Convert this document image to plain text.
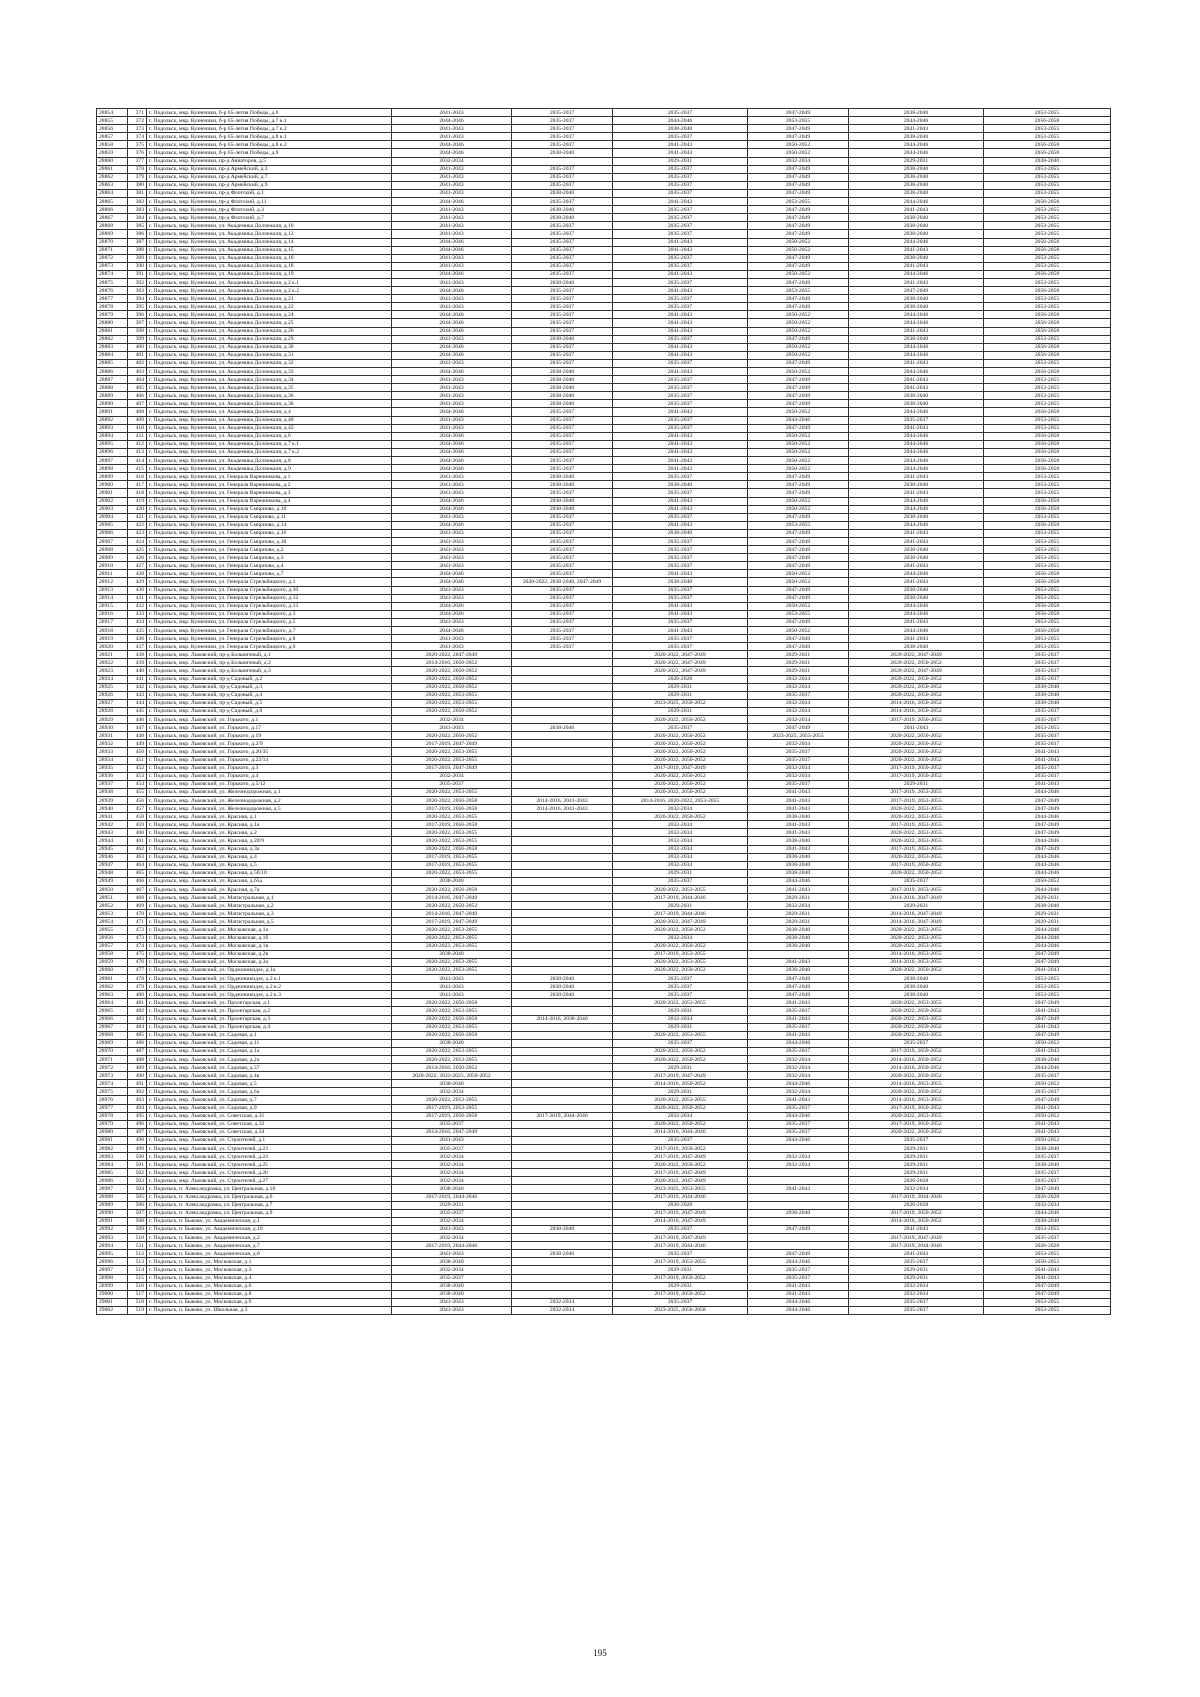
28854	371	г. Подольск, мкр. Кузнечики, б-р 65-летия Победы, д.6	2041-2043	2035-2037	2035-2037	2047-2049	2038-2040	2053-2055
28855	372	г. Подольск, мкр. Кузнечики, б-р 65-летия Победы, д.7 к.1	2044-2046	2035-2037	2044-2046	2053-2055	2044-2046	2056-2058
28856	373	г. Подольск, мкр. Кузнечики, б-р 65-летия Победы, д.7 к.2	2041-2043	2035-2037	2038-2040	2047-2049	2041-2043	2053-2055
28857	374	г. Подольск, мкр. Кузнечики, б-р 65-летия Победы, д.8 к.1	2041-2043	2035-2037	2035-2037	2047-2049	2038-2040	2053-2055
28858	375	г. Подольск, мкр. Кузнечики, б-р 65-летия Победы, д.8 к.2	2044-2046	2035-2037	2041-2043	2050-2052	2044-2046	2056-2058
28859	376	г. Подольск, мкр. Кузнечики, б-р 65-летия Победы, д.9	2044-2046	2038-2040	2041-2043	2050-2052	2044-2046	2056-2058
28860	377	г. Подольск, мкр. Кузнечики, пр-д Авиаторов, д.5	2032-2034		2029-2031	2032-2034	2029-2031	2038-2040
28861	378	г. Подольск, мкр. Кузнечики, пр-д Армейский, д.3	2041-2043	2035-2037	2035-2037	2047-2049	2038-2040	2053-2055
28862	379	г. Подольск, мкр. Кузнечики, пр-д Армейский, д.7	2041-2043	2035-2037	2035-2037	2047-2049	2038-2040	2053-2055
28863	380	г. Подольск, мкр. Кузнечики, пр-д Армейский, д.9	2041-2043	2035-2037	2035-2037	2047-2049	2038-2040	2053-2055
28864	381	г. Подольск, мкр. Кузнечики, пр-д Флотский, д.1	2041-2043	2038-2040	2035-2037	2047-2049	2038-2040	2053-2055
28865	382	г. Подольск, мкр. Кузнечики, пр-д Флотский, д.11	2044-2046	2035-2037	2041-2043	2053-2055	2044-2046	2056-2058
28866	383	г. Подольск, мкр. Кузнечики, пр-д Флотский, д.3	2041-2043	2038-2040	2035-2037	2047-2049	2041-2043	2053-2055
28867	384	г. Подольск, мкр. Кузнечики, пр-д Флотский, д.7	2041-2043	2038-2040	2035-2037	2047-2049	2038-2040	2053-2055
28868	385	г. Подольск, мкр. Кузнечики, ул. Академика Доллежаля, д.10	2041-2043	2035-2037	2035-2037	2047-2049	2038-2040	2053-2055
28869	386	г. Подольск, мкр. Кузнечики, ул. Академика Доллежаля, д.12	2041-2043	2035-2037	2035-2037	2047-2049	2038-2040	2053-2055
28870	387	г. Подольск, мкр. Кузнечики, ул. Академика Доллежаля, д.14	2044-2046	2035-2037	2041-2043	2050-2052	2044-2046	2056-2058
28871	388	г. Подольск, мкр. Кузнечики, ул. Академика Доллежаля, д.15	2044-2046	2035-2037	2041-2043	2050-2052	2041-2043	2056-2058
28872	389	г. Подольск, мкр. Кузнечики, ул. Академика Доллежаля, д.16	2041-2043	2035-2037	2035-2037	2047-2049	2038-2040	2053-2055
28873	390	г. Подольск, мкр. Кузнечики, ул. Академика Доллежаля, д.18	2041-2043	2035-2037	2035-2037	2047-2049	2041-2043	2053-2055
28874	391	г. Подольск, мкр. Кузнечики, ул. Академика Доллежаля, д.19	2044-2046	2035-2037	2041-2043	2050-2052	2044-2046	2056-2058
28875	392	г. Подольск, мкр. Кузнечики, ул. Академика Доллежаля, д.2 к.1	2041-2043	2038-2040	2035-2037	2047-2049	2041-2043	2053-2055
28876	393	г. Подольск, мкр. Кузнечики, ул. Академика Доллежаля, д.2 к.2	2044-2046	2035-2037	2041-2043	2053-2055	2047-2049	2056-2058
28877	394	г. Подольск, мкр. Кузнечики, ул. Академика Доллежаля, д.21	2041-2043	2035-2037	2035-2037	2047-2049	2038-2040	2053-2055
28878	395	г. Подольск, мкр. Кузнечики, ул. Академика Доллежаля, д.22	2041-2043	2035-2037	2035-2037	2047-2049	2038-2040	2053-2055
28879	396	г. Подольск, мкр. Кузнечики, ул. Академика Доллежаля, д.24	2044-2046	2035-2037	2041-2043	2050-2052	2044-2046	2056-2058
28880	397	г. Подольск, мкр. Кузнечики, ул. Академика Доллежаля, д.25	2044-2046	2035-2037	2041-2043	2050-2052	2044-2046	2056-2058
28881	398	г. Подольск, мкр. Кузнечики, ул. Академика Доллежаля, д.26	2044-2046	2035-2037	2041-2043	2050-2052	2041-2043	2056-2058
28882	399	г. Подольск, мкр. Кузнечики, ул. Академика Доллежаля, д.29	2041-2043	2038-2040	2035-2037	2047-2049	2038-2040	2053-2055
28883	400	г. Подольск, мкр. Кузнечики, ул. Академика Доллежаля, д.30	2044-2046	2035-2037	2041-2043	2050-2052	2044-2046	2056-2058
28884	401	г. Подольск, мкр. Кузнечики, ул. Академика Доллежаля, д.31	2044-2046	2035-2037	2041-2043	2050-2052	2044-2046	2056-2058
28885	402	г. Подольск, мкр. Кузнечики, ул. Академика Доллежаля, д.32	2041-2043	2035-2037	2035-2037	2047-2049	2041-2043	2053-2055
28886	403	г. Подольск, мкр. Кузнечики, ул. Академика Доллежаля, д.33	2044-2046	2038-2040	2041-2043	2050-2052	2044-2046	2056-2058
28887	404	г. Подольск, мкр. Кузнечики, ул. Академика Доллежаля, д.34	2041-2043	2038-2040	2035-2037	2047-2049	2041-2043	2053-2055
28888	405	г. Подольск, мкр. Кузнечики, ул. Академика Доллежаля, д.35	2041-2043	2038-2040	2035-2037	2047-2049	2041-2043	2053-2055
28889	406	г. Подольск, мкр. Кузнечики, ул. Академика Доллежаля, д.36	2041-2043	2038-2040	2035-2037	2047-2049	2038-2040	2053-2055
28890	407	г. Подольск, мкр. Кузнечики, ул. Академика Доллежаля, д.38	2041-2043	2038-2040	2035-2037	2047-2049	2038-2040	2053-2055
28891	408	г. Подольск, мкр. Кузнечики, ул. Академика Доллежаля, д.4	2044-2046	2035-2037	2041-2043	2050-2052	2044-2046	2056-2058
28892	409	г. Подольск, мкр. Кузнечики, ул. Академика Доллежаля, д.40	2041-2043	2035-2037	2035-2037	2044-2046	2035-2037	2053-2055
28893	410	г. Подольск, мкр. Кузнечики, ул. Академика Доллежаля, д.42	2041-2043	2035-2037	2035-2037	2047-2049	2041-2043	2053-2055
28894	411	г. Подольск, мкр. Кузнечики, ул. Академика Доллежаля, д.6	2044-2046	2035-2037	2041-2043	2050-2052	2044-2046	2056-2058
28895	412	г. Подольск, мкр. Кузнечики, ул. Академика Доллежаля, д.7 к.1	2044-2046	2035-2037	2041-2043	2050-2052	2044-2046	2056-2058
28896	413	г. Подольск, мкр. Кузнечики, ул. Академика Доллежаля, д.7 к.2	2044-2046	2035-2037	2041-2043	2050-2052	2044-2046	2056-2058
28897	414	г. Подольск, мкр. Кузнечики, ул. Академика Доллежаля, д.8	2044-2046	2035-2037	2041-2043	2050-2052	2044-2046	2056-2058
28898	415	г. Подольск, мкр. Кузнечики, ул. Академика Доллежаля, д.9	2044-2046	2035-2037	2041-2043	2050-2052	2044-2046	2056-2058
28899	416	г. Подольск, мкр. Кузнечики, ул. Генерала Варенникова, д.1	2041-2043	2038-2040	2035-2037	2047-2049	2041-2043	2053-2055
28900	417	г. Подольск, мкр. Кузнечики, ул. Генерала Варенникова, д.2	2041-2043	2038-2040	2038-2040	2047-2049	2038-2040	2053-2055
28901	418	г. Подольск, мкр. Кузнечики, ул. Генерала Варенникова, д.3	2041-2043	2035-2037	2035-2037	2047-2049	2041-2043	2053-2055
28902	419	г. Подольск, мкр. Кузнечики, ул. Генерала Варенникова, д.4	2044-2046	2038-2040	2041-2043	2050-2052	2044-2046	2056-2058
28903	420	г. Подольск, мкр. Кузнечики, ул. Генерала Смирнова, д.10	2044-2046	2038-2040	2041-2043	2050-2052	2044-2046	2056-2058
28904	421	г. Подольск, мкр. Кузнечики, ул. Генерала Смирнова, д.11	2041-2043	2035-2037	2035-2037	2047-2049	2038-2040	2053-2055
28905	422	г. Подольск, мкр. Кузнечики, ул. Генерала Смирнова, д.14	2044-2046	2035-2037	2041-2043	2053-2055	2044-2046	2056-2058
28906	423	г. Подольск, мкр. Кузнечики, ул. Генерала Смирнова, д.16	2041-2043	2035-2037	2038-2040	2047-2049	2041-2043	2053-2055
28907	424	г. Подольск, мкр. Кузнечики, ул. Генерала Смирнова, д.18	2041-2043	2035-2037	2035-2037	2047-2049	2041-2043	2053-2055
28908	425	г. Подольск, мкр. Кузнечики, ул. Генерала Смирнова, д.2	2041-2043	2035-2037	2035-2037	2047-2049	2038-2040	2053-2055
28909	426	г. Подольск, мкр. Кузнечики, ул. Генерала Смирнова, д.3	2041-2043	2035-2037	2035-2037	2047-2049	2038-2040	2053-2055
28910	427	г. Подольск, мкр. Кузнечики, ул. Генерала Смирнова, д.4	2041-2043	2035-2037	2035-2037	2047-2049	2041-2043	2053-2055
28911	428	г. Подольск, мкр. Кузнечики, ул. Генерала Смирнова, д.7	2044-2046	2035-2037	2041-2043	2050-2052	2044-2046	2056-2058
28912	429	г. Подольск, мкр. Кузнечики, ул. Генерала Стрельбицкого, д.1	2044-2046	2020-2022, 2038-2040, 2047-2049	2038-2040	2050-2052	2041-2043	2056-2058
28913	430	г. Подольск, мкр. Кузнечики, ул. Генерала Стрельбицкого, д.10	2041-2043	2035-2037	2035-2037	2047-2049	2038-2040	2053-2055
28914	431	г. Подольск, мкр. Кузнечики, ул. Генерала Стрельбицкого, д.12	2041-2043	2035-2037	2035-2037	2047-2049	2038-2040	2053-2055
28915	432	г. Подольск, мкр. Кузнечики, ул. Генерала Стрельбицкого, д.13	2044-2046	2035-2037	2041-2043	2050-2052	2044-2046	2056-2058
28916	433	г. Подольск, мкр. Кузнечики, ул. Генерала Стрельбицкого, д.3	2044-2046	2035-2037	2041-2043	2053-2055	2044-2046	2056-2058
28917	434	г. Подольск, мкр. Кузнечики, ул. Генерала Стрельбицкого, д.5	2041-2043	2035-2037	2035-2037	2047-2049	2041-2043	2053-2055
28918	435	г. Подольск, мкр. Кузнечики, ул. Генерала Стрельбицкого, д.7	2044-2046	2035-2037	2041-2043	2050-2052	2044-2046	2056-2058
28919	436	г. Подольск, мкр. Кузнечики, ул. Генерала Стрельбицкого, д.8	2041-2043	2035-2037	2035-2037	2047-2049	2041-2043	2053-2055
28920	437	г. Подольск, мкр. Кузнечики, ул. Генерала Стрельбицкого, д.9	2041-2043	2035-2037	2035-2037	2047-2049	2038-2040	2053-2055
28921	438	г. Подольск, мкр. Львовский, пр-д Больничный, д.1	2020-2022, 2047-2049		2020-2022, 2047-2049	2029-2031	2020-2022, 2047-2049	2035-2037
28922	439	г. Подольск, мкр. Львовский, пр-д Больничный, д.2	2014-2016, 2050-2052		2020-2022, 2047-2049	2029-2031	2020-2022, 2050-2052	2035-2037
28923	440	г. Подольск, мкр. Львовский, пр-д Больничный, д.3	2020-2022, 2050-2052		2020-2022, 2047-2049	2029-2031	2020-2022, 2047-2049	2035-2037
28924	441	г. Подольск, мкр. Львовский, пр-д Садовый, д.2	2020-2022, 2050-2052		2026-2028	2032-2034	2020-2022, 2050-2052	2035-2037
28925	442	г. Подольск, мкр. Львовский, пр-д Садовый, д.3	2020-2022, 2050-2052		2029-2031	2032-2034	2020-2022, 2050-2052	2038-2040
28926	443	г. Подольск, мкр. Львовский, пр-д Садовый, д.4	2020-2022, 2053-2055		2029-2031	2035-2037	2020-2022, 2050-2052	2038-2040
28927	444	г. Подольск, мкр. Львовский, пр-д Садовый, д.5	2020-2022, 2053-2055		2023-2025, 2050-2052	2032-2034	2014-2016, 2050-2052	2038-2040
28928	445	г. Подольск, мкр. Львовский, пр-д Садовый, д.8	2020-2022, 2050-2052		2029-2031	2032-2034	2014-2016, 2050-2052	2035-2037
28929	446	г. Подольск, мкр. Львовский, ул. Горького, д.1	2032-2034		2020-2022, 2050-2052	2032-2034	2017-2019, 2050-2052	2035-2037
28930	447	г. Подольск, мкр. Львовский, ул. Горького, д.17	2041-2043	2038-2040	2035-2037	2047-2049	2041-2043	2053-2055
28931	448	г. Подольск, мкр. Львовский, ул. Горького, д.19	2020-2022, 2050-2052		2020-2022, 2050-2052	2023-2025, 2053-2055	2020-2022, 2050-2052	2035-2037
28932	449	г. Подольск, мкр. Львовский, ул. Горького, д.2/9	2017-2019, 2047-2049		2020-2022, 2050-2052	2032-2034	2020-2022, 2050-2052	2035-2037
28933	450	г. Подольск, мкр. Львовский, ул. Горького, д.20/35	2020-2022, 2053-2055		2020-2022, 2050-2052	2035-2037	2020-2022, 2050-2052	2041-2043
28934	451	г. Подольск, мкр. Львовский, ул. Горького, д.22/14	2020-2022, 2053-2055		2020-2022, 2050-2052	2035-2037	2020-2022, 2050-2052	2041-2043
28935	452	г. Подольск, мкр. Львовский, ул. Горького, д.3	2017-2019, 2047-2049		2017-2019, 2047-2049	2032-2034	2017-2019, 2050-2052	2035-2037
28936	453	г. Подольск, мкр. Львовский, ул. Горького, д.4	2032-2034		2020-2022, 2050-2052	2032-2034	2017-2019, 2050-2052	2035-2037
28937	454	г. Подольск, мкр. Львовский, ул. Горького, д.5/12	2035-2037		2020-2022, 2050-2052	2035-2037	2029-2031	2041-2043
28938	455	г. Подольск, мкр. Львовский, ул. Железнодорожная, д.1	2020-2022, 2053-2055		2020-2022, 2050-2052	2041-2043	2017-2019, 2053-2055	2044-2046
28939	456	г. Подольск, мкр. Львовский, ул. Железнодорожная, д.2	2020-2022, 2056-2058	2014-2016, 2041-2043	2014-2016, 2020-2022, 2053-2055	2041-2043	2017-2019, 2053-2055	2047-2049
28940	457	г. Подольск, мкр. Львовский, ул. Железнодорожная, д.5	2017-2019, 2056-2058	2014-2016, 2041-2043	2032-2034	2041-2043	2020-2022, 2053-2055	2047-2049
28941	458	г. Подольск, мкр. Львовский, ул. Красная, д.1	2020-2022, 2053-2055		2020-2022, 2050-2052	2038-2040	2020-2022, 2053-2055	2044-2046
28942	459	г. Подольск, мкр. Львовский, ул. Красная, д.1а	2017-2019, 2056-2058		2032-2034	2041-2043	2017-2019, 2053-2055	2047-2049
28943	460	г. Подольск, мкр. Львовский, ул. Красная, д.2	2020-2022, 2053-2055		2032-2034	2041-2043	2020-2022, 2053-2055	2047-2049
28944	461	г. Подольск, мкр. Львовский, ул. Красная, д.20/9	2020-2022, 2053-2055		2032-2034	2038-2040	2020-2022, 2053-2055	2044-2046
28945	462	г. Подольск, мкр. Львовский, ул. Красная, д.3а	2020-2022, 2056-2058		2032-2034	2041-2043	2017-2019, 2053-2055	2047-2049
28946	463	г. Подольск, мкр. Львовский, ул. Красная, д.4	2017-2019, 2053-2055		2032-2034	2038-2040	2020-2022, 2053-2055	2044-2046
28947	464	г. Подольск, мкр. Львовский, ул. Красная, д.5	2017-2019, 2053-2055		2032-2034	2038-2040	2017-2019, 2050-2052	2044-2046
28948	465	г. Подольск, мкр. Львовский, ул. Красная, д.5б/10	2020-2022, 2053-2055		2029-2031	2038-2040	2020-2022, 2050-2052	2044-2046
28949	466	г. Подольск, мкр. Львовский, ул. Красная, д.65а	2038-2040		2035-2037	2044-2046	2035-2037	2050-2052
28950	467	г. Подольск, мкр. Львовский, ул. Красная, д.7а	2020-2022, 2056-2058		2020-2022, 2053-2055	2041-2043	2017-2019, 2053-2055	2044-2046
28951	468	г. Подольск, мкр. Львовский, ул. Магистральная, д.1	2014-2016, 2047-2049		2017-2019, 2044-2046	2029-2031	2014-2016, 2047-2049	2029-2031
28952	469	г. Подольск, мкр. Львовский, ул. Магистральная, д.2	2020-2022, 2050-2052		2029-2031	2032-2034	2029-2031	2038-2040
28953	470	г. Подольск, мкр. Львовский, ул. Магистральная, д.3	2014-2016, 2047-2049		2017-2019, 2044-2046	2029-2031	2014-2016, 2047-2049	2029-2031
28954	471	г. Подольск, мкр. Львовский, ул. Магистральная, д.5	2017-2019, 2047-2049		2020-2022, 2047-2049	2029-2031	2014-2016, 2047-2049	2029-2031
28955	472	г. Подольск, мкр. Львовский, ул. Московская, д.1а	2020-2022, 2053-2055		2020-2022, 2050-2052	2038-2040	2020-2022, 2053-2055	2044-2046
28956	473	г. Подольск, мкр. Львовский, ул. Московская, д.1б	2020-2022, 2053-2055		2032-2034	2038-2040	2020-2022, 2053-2055	2044-2046
28957	474	г. Подольск, мкр. Львовский, ул. Московская, д.1в	2020-2022, 2053-2055		2020-2022, 2050-2052	2038-2040	2020-2022, 2053-2055	2044-2046
28958	475	г. Подольск, мкр. Львовский, ул. Московская, д.2в	2038-2040		2017-2019, 2053-2055		2014-2016, 2053-2055	2047-2049
28959	476	г. Подольск, мкр. Львовский, ул. Московская, д.3а	2020-2022, 2053-2055		2020-2022, 2053-2055	2041-2043	2014-2016, 2053-2055	2047-2049
28960	477	г. Подольск, мкр. Львовский, ул. Орджоникидзе, д.1а	2020-2022, 2053-2055		2020-2022, 2050-2052	2038-2040	2020-2022, 2050-2052	2041-2043
28961	478	г. Подольск, мкр. Львовский, ул. Орджоникидзе, д.2 к.1	2041-2043	2038-2040	2035-2037	2047-2049	2038-2040	2053-2055
28962	479	г. Подольск, мкр. Львовский, ул. Орджоникидзе, д.2 к.2	2041-2043	2038-2040	2035-2037	2047-2049	2038-2040	2053-2055
28963	480	г. Подольск, мкр. Львовский, ул. Орджоникидзе, д.2 к.3	2041-2043	2038-2040	2035-2037	2047-2049	2038-2040	2053-2055
28964	481	г. Подольск, мкр. Львовский, ул. Пролетарская, д.1	2020-2022, 2056-2058		2020-2022, 2053-2055	2041-2043	2020-2022, 2053-2055	2047-2049
28965	482	г. Подольск, мкр. Львовский, ул. Пролетарская, д.2	2020-2022, 2053-2055		2029-2031	2035-2037	2020-2022, 2050-2052	2041-2043
28966	483	г. Подольск, мкр. Львовский, ул. Пролетарская, д.3	2020-2022, 2056-2058	2014-2016, 2038-2040	2032-2034	2041-2043	2020-2022, 2053-2055	2047-2049
28967	484	г. Подольск, мкр. Львовский, ул. Пролетарская, д.4	2020-2022, 2053-2055		2029-2031	2035-2037	2020-2022, 2050-2052	2041-2043
28968	485	г. Подольск, мкр. Львовский, ул. Садовая, д.1	2020-2022, 2056-2058		2020-2022, 2053-2055	2041-2043	2020-2022, 2053-2055	2047-2049
28969	486	г. Подольск, мкр. Львовский, ул. Садовая, д.11	2038-2040		2035-2037	2044-2046	2035-2037	2050-2052
28970	487	г. Подольск, мкр. Львовский, ул. Садовая, д.1а	2020-2022, 2053-2055		2020-2022, 2050-2052	2035-2037	2017-2019, 2050-2052	2041-2043
28971	488	г. Подольск, мкр. Львовский, ул. Садовая, д.2а	2020-2022, 2053-2055		2020-2022, 2050-2052	2032-2034	2014-2016, 2050-2052	2038-2040
28972	489	г. Подольск, мкр. Львовский, ул. Садовая, д.37	2014-2016, 2050-2052		2029-2031	2032-2034	2014-2016, 2050-2052	2044-2046
28973	490	г. Подольск, мкр. Львовский, ул. Садовая, д.4в	2020-2022, 2023-2025, 2050-2052		2017-2019, 2047-2049	2032-2034	2020-2022, 2050-2052	2035-2037
28974	491	г. Подольск, мкр. Львовский, ул. Садовая, д.5	2038-2040		2014-2016, 2050-2052	2044-2046	2014-2016, 2053-2055	2050-2052
28975	492	г. Подольск, мкр. Львовский, ул. Садовая, д.6а	2032-2034		2029-2031	2032-2034	2020-2022, 2050-2052	2035-2037
28976	493	г. Подольск, мкр. Львовский, ул. Садовая, д.7	2020-2022, 2053-2055		2020-2022, 2053-2055	2041-2043	2014-2016, 2053-2055	2047-2049
28977	494	г. Подольск, мкр. Львовский, ул. Садовая, д.9	2017-2019, 2053-2055		2020-2022, 2050-2052	2035-2037	2017-2019, 2050-2052	2041-2043
28978	495	г. Подольск, мкр. Львовский, ул. Советская, д.31	2017-2019, 2056-2058	2017-2019, 2044-2046	2032-2034	2044-2046	2020-2022, 2053-2055	2050-2052
28979	496	г. Подольск, мкр. Львовский, ул. Советская, д.32	2035-2037		2020-2022, 2050-2052	2035-2037	2017-2019, 2050-2052	2041-2043
28980	497	г. Подольск, мкр. Львовский, ул. Советская, д.34	2014-2016, 2047-2049		2014-2016, 2044-2046	2035-2037	2020-2022, 2050-2052	2041-2043
28981	498	г. Подольск, мкр. Львовский, ул. Строителей, д.1	2041-2043		2035-2037	2044-2046	2035-2037	2050-2052
28982	499	г. Подольск, мкр. Львовский, ул. Строителей, д.23	2035-2037		2017-2019, 2050-2052		2029-2031	2038-2040
28983	500	г. Подольск, мкр. Львовский, ул. Строителей, д.24	2032-2034		2017-2019, 2047-2049	2032-2034	2029-2031	2035-2037
28984	501	г. Подольск, мкр. Львовский, ул. Строителей, д.25	2032-2034		2020-2022, 2050-2052	2032-2034	2029-2031	2038-2040
28985	502	г. Подольск, мкр. Львовский, ул. Строителей, д.26	2032-2034		2017-2019, 2047-2049		2029-2031	2035-2037
28986	503	г. Подольск, мкр. Львовский, ул. Строителей, д.27	2032-2034		2020-2022, 2047-2049		2026-2028	2035-2037
28987	504	г. Подольск, п. Александровка, ул. Центральная, д.10	2038-2040		2023-2025, 2053-2055	2041-2043	2032-2034	2047-2049
28988	505	г. Подольск, п. Александровка, ул. Центральная, д.6	2017-2019, 2044-2046		2017-2019, 2044-2046		2017-2019, 2044-2046	2026-2028
28989	506	г. Подольск, п. Александровка, ул. Центральная, д.7	2029-2031		2026-2028		2026-2028	2032-2034
28990	507	г. Подольск, п. Александровка, ул. Центральная, д.9	2035-2037		2017-2019, 2047-2049	2038-2040	2017-2019, 2050-2052	2044-2046
28991	508	г. Подольск, п. Быково, ул. Академическая, д.1	2032-2034		2014-2016, 2047-2049		2014-2016, 2050-2052	2038-2040
28992	509	г. Подольск, п. Быково, ул. Академическая, д.10	2041-2043	2038-2040	2035-2037	2047-2049	2041-2043	2053-2055
28993	510	г. Подольск, п. Быково, ул. Академическая, д.2	2032-2034		2017-2019, 2047-2049		2017-2019, 2047-2049	2035-2037
28994	511	г. Подольск, п. Быково, ул. Академическая, д.7	2017-2019, 2044-2046		2017-2019, 2044-2046		2017-2019, 2044-2046	2026-2028
28995	512	г. Подольск, п. Быково, ул. Академическая, д.8	2041-2043	2038-2040	2035-2037	2047-2049	2041-2043	2053-2055
28996	513	г. Подольск, п. Быково, ул. Московская, д.1	2038-2040		2017-2019, 2053-2055	2044-2046	2035-2037	2050-2052
28997	514	г. Подольск, п. Быково, ул. Московская, д.3	2032-2034		2029-2031	2035-2037	2029-2031	2041-2043
28998	515	г. Подольск, п. Быково, ул. Московская, д.4	2035-2037		2017-2019, 2050-2052	2035-2037	2029-2031	2041-2043
28999	516	г. Подольск, п. Быково, ул. Московская, д.6	2038-2040		2029-2031	2041-2043	2032-2034	2047-2049
29000	517	г. Подольск, п. Быково, ул. Московская, д.8	2038-2040		2017-2019, 2050-2052	2041-2043	2032-2034	2047-2049
29001	518	г. Подольск, п. Быково, ул. Московская, д.9	2041-2043	2032-2034	2035-2037	2044-2046	2035-2037	2053-2055
29002	519	г. Подольск, п. Быково, ул. Школьная, д.3	2041-2043	2032-2034	2023-2025, 2056-2058	2044-2046	2035-2037	2053-2055
195
